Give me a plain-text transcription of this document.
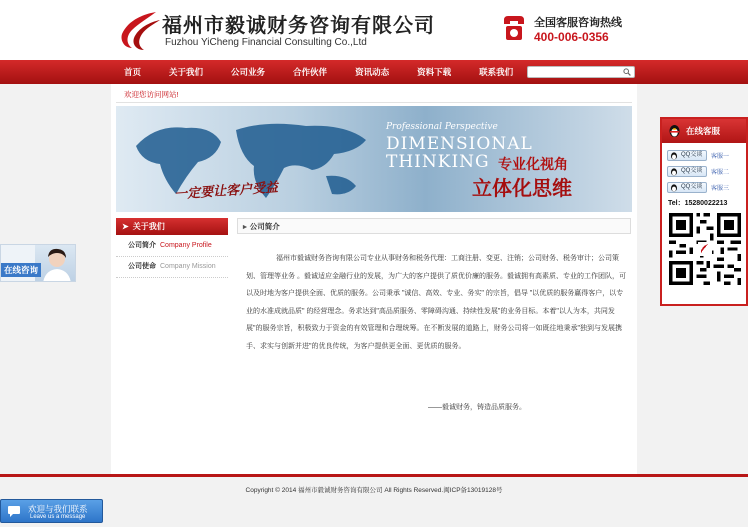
福州市毅诚财务咨询有限公司
Fuzhou YiCheng Financial Consulting Co.,Ltd
全国客服咨询热线
400-006-0356
首页	关于我们	公司业务	合作伙伴	资讯动态	资料下载	联系我们
欢迎您访问网站!
Professional Perspective
DIMENSIONAL
THINKING 专业化视角
立体化思维
一定要让客户受益
➤ 关于我们
公司简介 Company Profile
公司使命 Company Mission
▸ 公司简介
福州市毅诚财务咨询有限公司专业从事财务和税务代理：工商注册、变更、注销；公司财务、税务审计；公司策划、管理等业务 。毅诚适应金融行业的发展，为广大的客户提供了质优价廉的服务。毅诚拥有高素质、专业的工作团队，可以及时地为客户提供全面、优质的服务。公司秉承 "诚信、高效、专业、务实" 的宗旨，倡导 "以优质的服务赢得客户，以专业的水准成就品质" 的经营理念。务求达到"高品质服务、零障碍沟通、持续性发展"的业务目标。本着"以人为本，共同发展"的服务宗旨，积极致力于资金的有效管理和合理统筹。在不断发展的道路上，财务公司将一如既往地秉承"独到与发展携手、求实与创新并进"的优良传统，为客户提供更全面、更优质的服务。
——毅诚财务，铸造品质服务。
Copyright © 2014 福州市毅诚财务咨询有限公司 All Rights Reserved.闽ICP备13019128号
在线客服
QQ交谈	客服一
QQ交谈	客服二
QQ交谈	客服三
Tel：15280022213
在线咨询
欢迎与我们联系
Leave us a message
